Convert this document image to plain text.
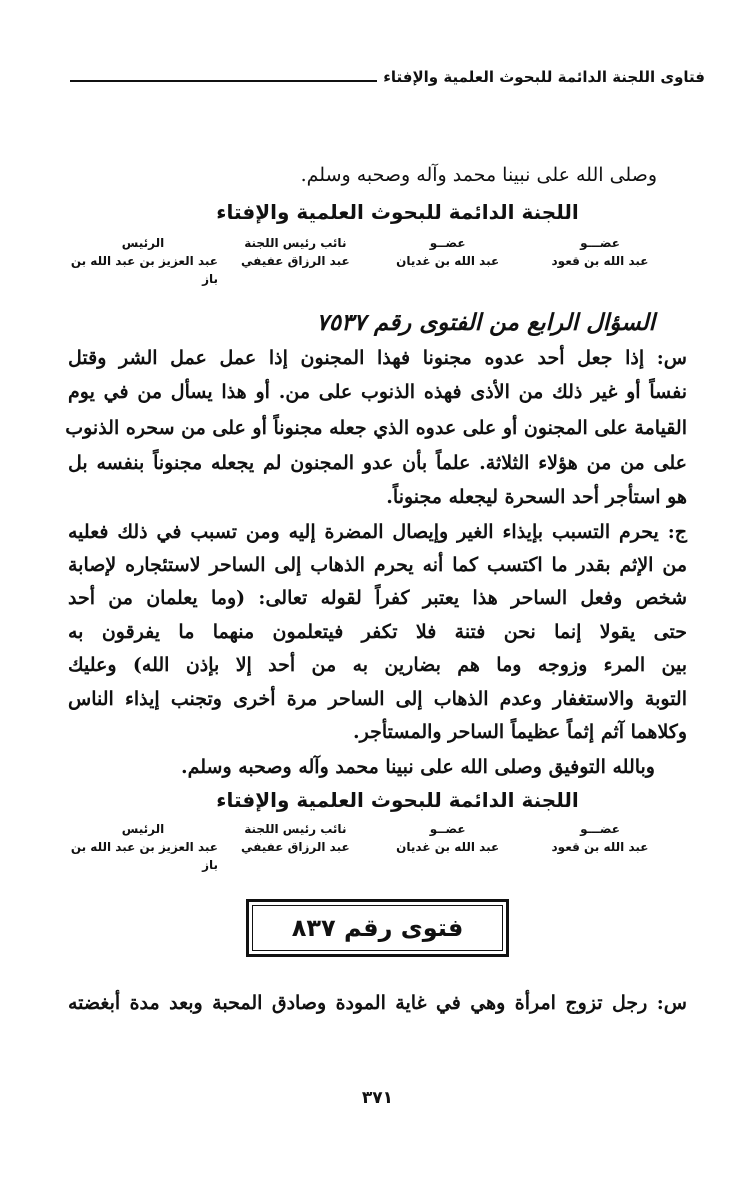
فتاوى اللجنة الدائمة للبحوث العلمية والإفتاء
وصلى الله على نبينا محمد وآله وصحبه وسلم.
اللجنة الدائمة للبحوث العلمية والإفتاء
عضـــو
عبد الله بن قعود
عضــو
عبد الله بن غديان
نائب رئيس اللجنة
عبد الرزاق عفيفي
الرئيس
عبد العزيز بن عبد الله بن باز
السؤال الرابع من الفتوى رقم ٧٥٣٧
س: إذا جعل أحد عدوه مجنونا فهذا المجنون إذا عمل عمل الشر وقتل
نفساً أو غير ذلك من الأذى فهذه الذنوب على من. أو هذا يسأل من في يوم
القيامة على المجنون أو على عدوه الذي جعله مجنوناً أو على من سحره الذنوب
على من من هؤلاء الثلاثة. علماً بأن عدو المجنون لم يجعله مجنوناً بنفسه بل
هو استأجر أحد السحرة ليجعله مجنوناً.
ج: يحرم التسبب بإيذاء الغير وإيصال المضرة إليه ومن تسبب في ذلك فعليه
من الإثم بقدر ما اكتسب كما أنه يحرم الذهاب إلى الساحر لاستئجاره لإصابة
شخص وفعل الساحر هذا يعتبر كفراً لقوله تعالى: (وما يعلمان من أحد
حتى يقولا إنما نحن فتنة فلا تكفر فيتعلمون منهما ما يفرقون به
بين المرء وزوجه وما هم بضارين به من أحد إلا بإذن الله) وعليك
التوبة والاستغفار وعدم الذهاب إلى الساحر مرة أخرى وتجنب إيذاء الناس
وكلاهما آثم إثماً عظيماً الساحر والمستأجر.
وبالله التوفيق وصلى الله على نبينا محمد وآله وصحبه وسلم.
اللجنة الدائمة للبحوث العلمية والإفتاء
عضـــو
عبد الله بن قعود
عضــو
عبد الله بن غديان
نائب رئيس اللجنة
عبد الرزاق عفيفي
الرئيس
عبد العزيز بن عبد الله بن باز
فتوى رقم ٨٣٧
س: رجل تزوج امرأة وهي في غاية المودة وصادق المحبة وبعد مدة أبغضته
٣٧١
